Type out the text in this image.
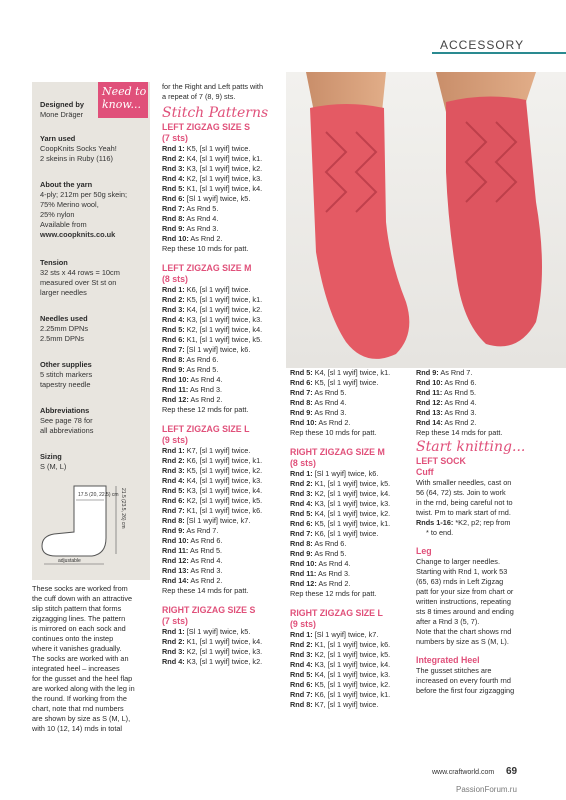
ACCESSORY
Need to know...
Designed by
Mone Dräger
Yarn used
CoopKnits Socks Yeah!
2 skeins in Ruby (116)
About the yarn
4-ply; 212m per 50g skein;
75% Merino wool,
25% nylon
Available from
www.coopknits.co.uk
Tension
32 sts x 44 rows = 10cm
measured over St st on
larger needles
Needles used
2.25mm DPNs
2.5mm DPNs
Other supplies
5 stitch markers
tapestry needle
Abbreviations
See page 78 for
all abbreviations
Sizing
S (M, L)
17.5 (20, 22.5) cm 21.5 (23.5, 26) cm
adjustable
These socks are worked from
the cuff down with an attractive
slip stitch pattern that forms
zigzagging lines. The pattern
is mirrored on each sock and
continues onto the instep
where it vanishes gradually.
The socks are worked with an
integrated heel – increases
for the gusset and the heel flap
are worked along with the leg in
the round. If working from the
chart, note that rnd numbers
are shown by size as S (M, L),
with 10 (12, 14) rnds in total
for the Right and Left patts with
a repeat of 7 (8, 9) sts.
Stitch Patterns
LEFT ZIGZAG SIZE S
(7 sts)
Rnd 1: K5, [sl 1 wyif] twice.
Rnd 2: K4, [sl 1 wyif] twice, k1.
Rnd 3: K3, [sl 1 wyif] twice, k2.
Rnd 4: K2, [sl 1 wyif] twice, k3.
Rnd 5: K1, [sl 1 wyif] twice, k4.
Rnd 6: [Sl 1 wyif] twice, k5.
Rnd 7: As Rnd 5.
Rnd 8: As Rnd 4.
Rnd 9: As Rnd 3.
Rnd 10: As Rnd 2.
Rep these 10 rnds for patt.
LEFT ZIGZAG SIZE M
(8 sts)
Rnd 1: K6, [sl 1 wyif] twice.
Rnd 2: K5, [sl 1 wyif] twice, k1.
Rnd 3: K4, [sl 1 wyif] twice, k2.
Rnd 4: K3, [sl 1 wyif] twice, k3.
Rnd 5: K2, [sl 1 wyif] twice, k4.
Rnd 6: K1, [sl 1 wyif] twice, k5.
Rnd 7: [Sl 1 wyif] twice, k6.
Rnd 8: As Rnd 6.
Rnd 9: As Rnd 5.
Rnd 10: As Rnd 4.
Rnd 11: As Rnd 3.
Rnd 12: As Rnd 2.
Rep these 12 rnds for patt.
LEFT ZIGZAG SIZE L
(9 sts)
Rnd 1: K7, [sl 1 wyif] twice.
Rnd 2: K6, [sl 1 wyif] twice, k1.
Rnd 3: K5, [sl 1 wyif] twice, k2.
Rnd 4: K4, [sl 1 wyif] twice, k3.
Rnd 5: K3, [sl 1 wyif] twice, k4.
Rnd 6: K2, [sl 1 wyif] twice, k5.
Rnd 7: K1, [sl 1 wyif] twice, k6.
Rnd 8: [Sl 1 wyif] twice, k7.
Rnd 9: As Rnd 7.
Rnd 10: As Rnd 6.
Rnd 11: As Rnd 5.
Rnd 12: As Rnd 4.
Rnd 13: As Rnd 3.
Rnd 14: As Rnd 2.
Rep these 14 rnds for patt.
RIGHT ZIGZAG SIZE S
(7 sts)
Rnd 1: [Sl 1 wyif] twice, k5.
Rnd 2: K1, [sl 1 wyif] twice, k4.
Rnd 3: K2, [sl 1 wyif] twice, k3.
Rnd 4: K3, [sl 1 wyif] twice, k2.
Rnd 5: K4, [sl 1 wyif] twice, k1.
Rnd 6: K5, [sl 1 wyif] twice.
Rnd 7: As Rnd 5.
Rnd 8: As Rnd 4.
Rnd 9: As Rnd 3.
Rnd 10: As Rnd 2.
Rep these 10 rnds for patt.
RIGHT ZIGZAG SIZE M
(8 sts)
Rnd 1: [Sl 1 wyif] twice, k6.
Rnd 2: K1, [sl 1 wyif] twice, k5.
Rnd 3: K2, [sl 1 wyif] twice, k4.
Rnd 4: K3, [sl 1 wyif] twice, k3.
Rnd 5: K4, [sl 1 wyif] twice, k2.
Rnd 6: K5, [sl 1 wyif] twice, k1.
Rnd 7: K6, [sl 1 wyif] twice.
Rnd 8: As Rnd 6.
Rnd 9: As Rnd 5.
Rnd 10: As Rnd 4.
Rnd 11: As Rnd 3.
Rnd 12: As Rnd 2.
Rep these 12 rnds for patt.
RIGHT ZIGZAG SIZE L
(9 sts)
Rnd 1: [Sl 1 wyif] twice, k7.
Rnd 2: K1, [sl 1 wyif] twice, k6.
Rnd 3: K2, [sl 1 wyif] twice, k5.
Rnd 4: K3, [sl 1 wyif] twice, k4.
Rnd 5: K4, [sl 1 wyif] twice, k3.
Rnd 6: K5, [sl 1 wyif] twice, k2.
Rnd 7: K6, [sl 1 wyif] twice, k1.
Rnd 8: K7, [sl 1 wyif] twice.
Rnd 9: As Rnd 7.
Rnd 10: As Rnd 6.
Rnd 11: As Rnd 5.
Rnd 12: As Rnd 4.
Rnd 13: As Rnd 3.
Rnd 14: As Rnd 2.
Rep these 14 rnds for patt.
Start knitting...
LEFT SOCK
Cuff
With smaller needles, cast on
56 (64, 72) sts. Join to work
in the rnd, being careful not to
twist. Pm to mark start of rnd.
Rnds 1-16: *K2, p2; rep from
* to end.
Leg
Change to larger needles.
Starting with Rnd 1, work 53
(65, 63) rnds in Left Zigzag
patt for your size from chart or
written instructions, repeating
sts 8 times around and ending
after a Rnd 3 (5, 7).
Note that the chart shows rnd
numbers by size as S (M, L).
Integrated Heel
The gusset stitches are
increased on every fourth rnd
before the first four zigzagging
www.craftworld.com 69
PassionForum.ru
